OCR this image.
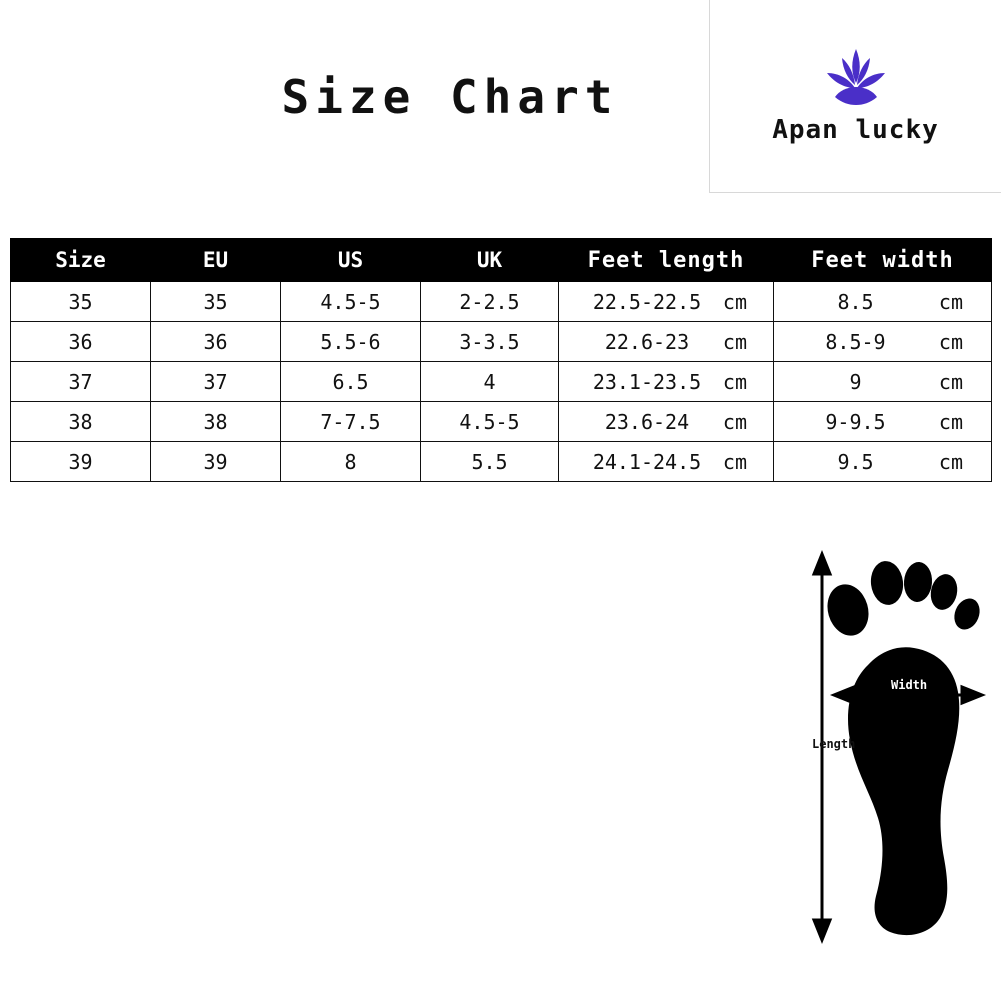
Apan lucky
Size Chart
Size	EU	US	UK	Feet length	Feet width
35	35	4.5-5	2-2.5	22.5-22.5 cm	8.5 cm

36	36	5.5-6	3-3.5	22.6-23 cm	8.5-9 cm

37	37	6.5	4	23.1-23.5 cm	9 cm

38	38	7-7.5	4.5-5	23.6-24 cm	9-9.5 cm

39	39	8	5.5	24.1-24.5 cm	9.5 cm
Length
Width
